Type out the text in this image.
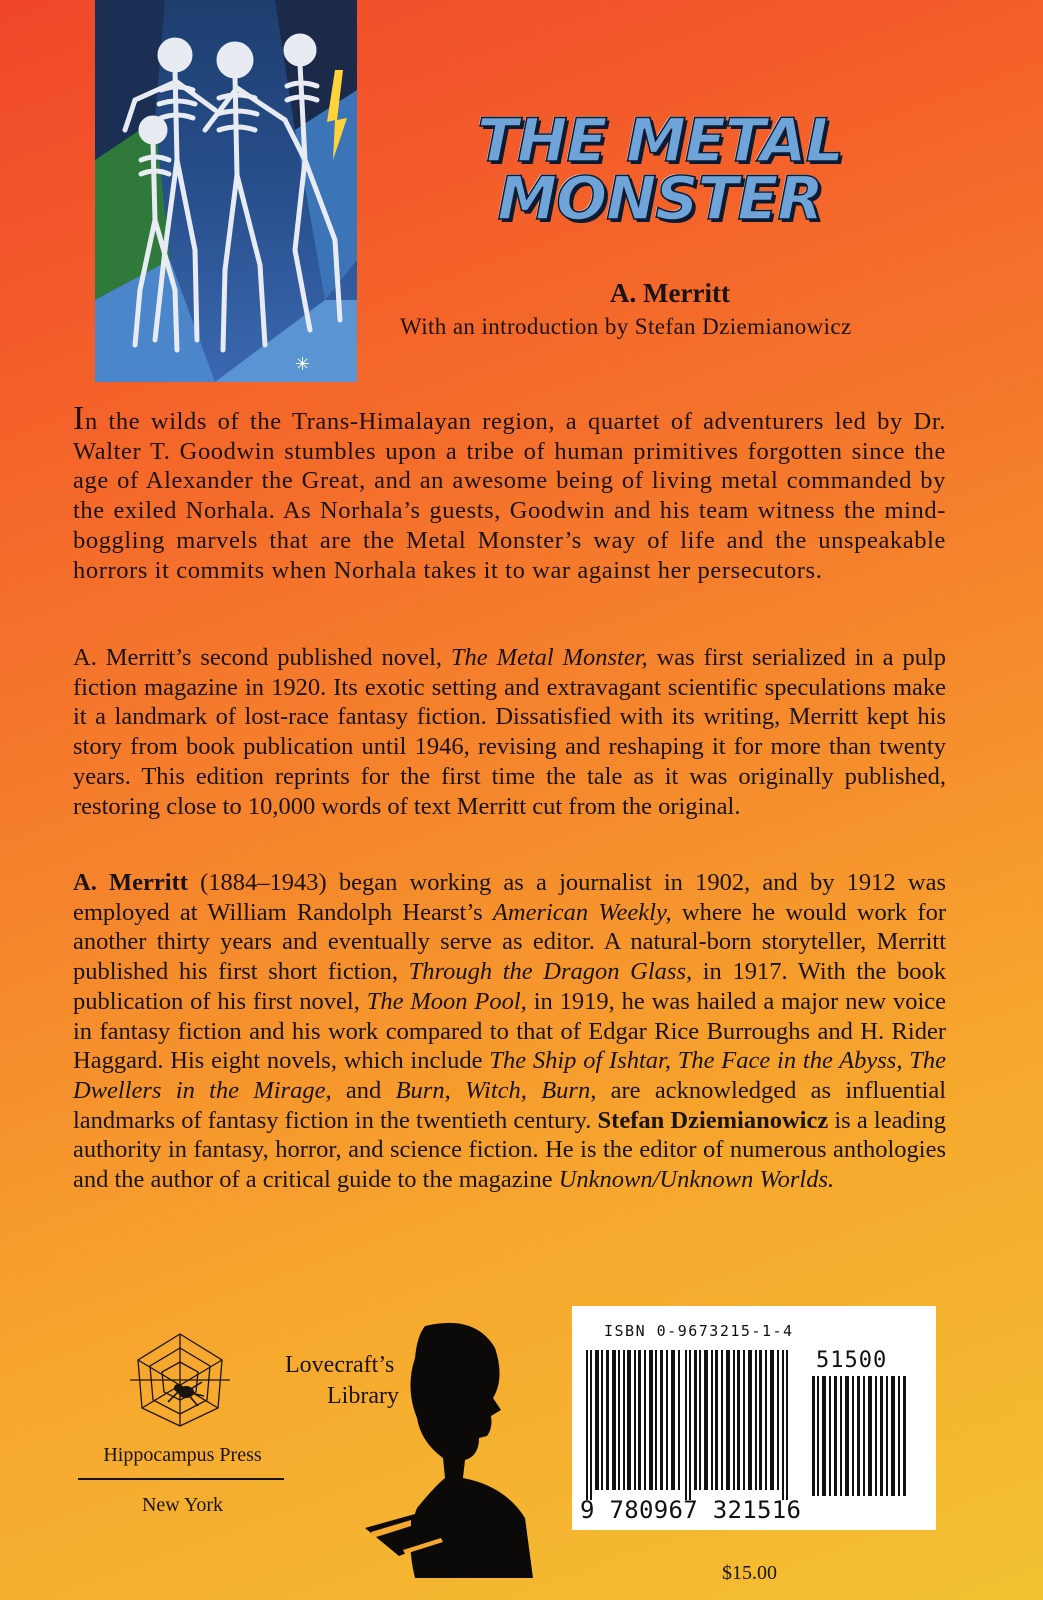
✳
THE METAL
MONSTER
A. Merritt
With an introduction by Stefan Dziemianowicz
In the wilds of the Trans-Himalayan region, a quartet of adventurers led by Dr. Walter T. Goodwin stumbles upon a tribe of human primitives forgotten since the age of Alexander the Great, and an awesome being of living metal commanded by the exiled Norhala. As Norhala’s guests, Goodwin and his team witness the mind-boggling marvels that are the Metal Monster’s way of life and the unspeakable horrors it commits when Norhala takes it to war against her persecutors.
A. Merritt’s second published novel, The Metal Monster, was first serialized in a pulp fiction magazine in 1920. Its exotic setting and extravagant scientific speculations make it a landmark of lost-race fantasy fiction. Dissatisfied with its writing, Merritt kept his story from book publication until 1946, revising and reshaping it for more than twenty years. This edition reprints for the first time the tale as it was originally published, restoring close to 10,000 words of text Merritt cut from the original.
A. Merritt (1884–1943) began working as a journalist in 1902, and by 1912 was employed at William Randolph Hearst’s American Weekly, where he would work for another thirty years and eventually serve as editor. A natural-born storyteller, Merritt published his first short fiction, Through the Dragon Glass, in 1917. With the book publication of his first novel, The Moon Pool, in 1919, he was hailed a major new voice in fantasy fiction and his work compared to that of Edgar Rice Burroughs and H. Rider Haggard. His eight novels, which include The Ship of Ishtar, The Face in the Abyss, The Dwellers in the Mirage, and Burn, Witch, Burn, are acknowledged as influential landmarks of fantasy fiction in the twentieth century. Stefan Dziemianowicz is a leading authority in fantasy, horror, and science fiction. He is the editor of numerous anthologies and the author of a critical guide to the magazine Unknown/Unknown Worlds.
Hippocampus Press
New York
Lovecraft’s
Library
ISBN 0-9673215-1-4
51500
9 780967 321516
$15.00
